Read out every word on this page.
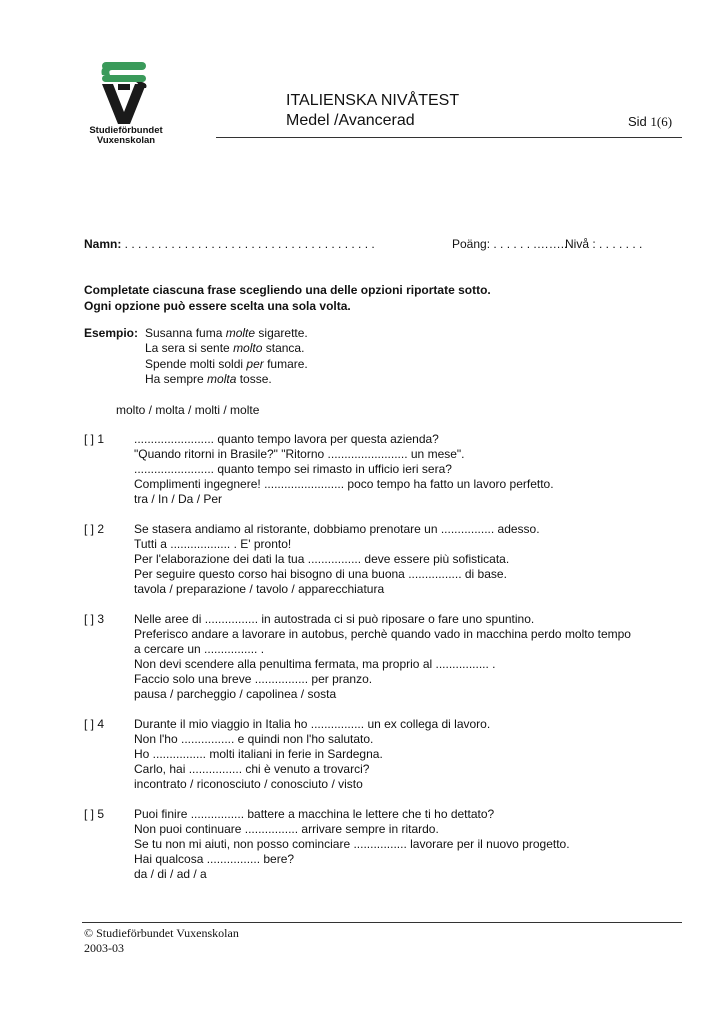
Studieförbundet
Vuxenskolan
ITALIENSKA NIVÅTEST
Medel /Avancerad	Sid 1(6)
Namn: . . . . . . . . . . . . . . . . . . . . . . . . . . . . . . . . . . . . . .	Poäng: . . . . . . .……..
Nivå : . . . . . . .
Completate ciascuna frase scegliendo una delle opzioni riportate sotto.
Ogni opzione può essere scelta una sola volta.
Esempio: Susanna fuma molte sigarette.
La sera si sente molto stanca.
Spende molti soldi per fumare.
Ha sempre molta tosse.
molto / molta / molti / molte
[ ] 1 ........................ quanto tempo lavora per questa azienda?
"Quando ritorni in Brasile?" "Ritorno ........................ un mese".
........................ quanto tempo sei rimasto in ufficio ieri sera?
Complimenti ingegnere! ........................ poco tempo ha fatto un lavoro perfetto.
tra / In / Da / Per
[ ] 2 Se stasera andiamo al ristorante, dobbiamo prenotare un ................ adesso.
Tutti a .................. . E' pronto!
Per l'elaborazione dei dati la tua ................ deve essere più sofisticata.
Per seguire questo corso hai bisogno di una buona ................ di base.
tavola / preparazione / tavolo / apparecchiatura
[ ] 3 Nelle aree di ................ in autostrada ci si può riposare o fare uno spuntino.
Preferisco andare a lavorare in autobus, perchè quando vado in macchina perdo molto tempo
a cercare un ................ .
Non devi scendere alla penultima fermata, ma proprio al ................ .
Faccio solo una breve ................ per pranzo.
pausa / parcheggio / capolinea / sosta
[ ] 4 Durante il mio viaggio in Italia ho ................ un ex collega di lavoro.
Non l'ho ................ e quindi non l'ho salutato.
Ho ................ molti italiani in ferie in Sardegna.
Carlo, hai ................ chi è venuto a trovarci?
incontrato / riconosciuto / conosciuto / visto
[ ] 5 Puoi finire ................ battere a macchina le lettere che ti ho dettato?
Non puoi continuare ................ arrivare sempre in ritardo.
Se tu non mi aiuti, non posso cominciare ................ lavorare per il nuovo progetto.
Hai qualcosa ................ bere?
da / di / ad / a
© Studieförbundet Vuxenskolan
2003-03
